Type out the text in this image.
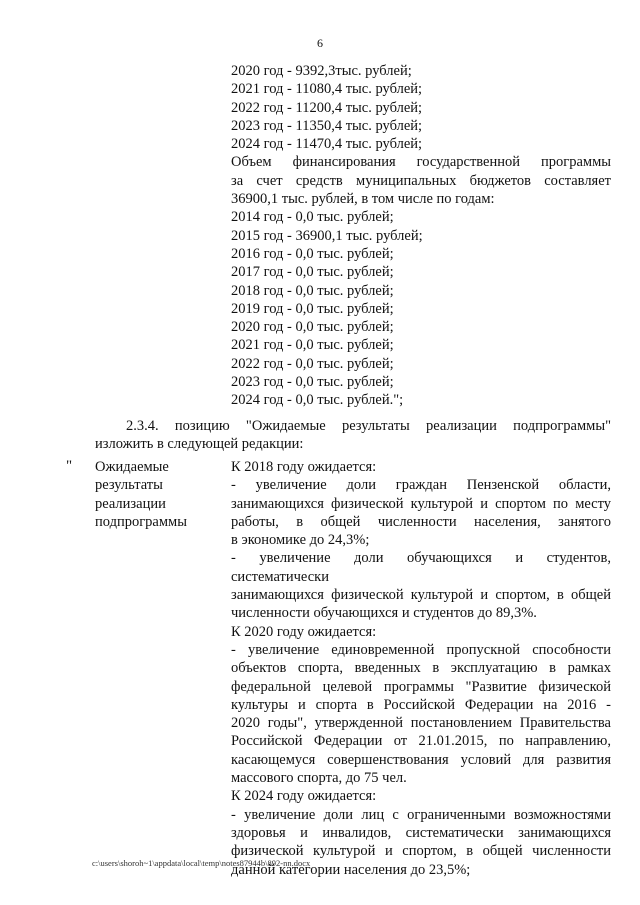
6
2020 год - 9392,3тыс. рублей;
2021 год - 11080,4 тыс. рублей;
2022 год - 11200,4 тыс. рублей;
2023 год - 11350,4 тыс. рублей;
2024 год - 11470,4 тыс. рублей;
Объем финансирования государственной программы
за счет средств муниципальных бюджетов составляет
36900,1 тыс. рублей, в том числе по годам:
2014 год - 0,0 тыс. рублей;
2015 год - 36900,1 тыс. рублей;
2016 год - 0,0 тыс. рублей;
2017 год - 0,0 тыс. рублей;
2018 год - 0,0 тыс. рублей;
2019 год - 0,0 тыс. рублей;
2020 год - 0,0 тыс. рублей;
2021 год - 0,0 тыс. рублей;
2022 год - 0,0 тыс. рублей;
2023 год - 0,0 тыс. рублей;
2024 год - 0,0 тыс. рублей.";
2.3.4. позицию "Ожидаемые результаты реализации подпрограммы"
изложить в следующей редакции:
" Ожидаемые
результаты
реализации
подпрограммы
К 2018 году ожидается:
- увеличение доли граждан Пензенской области,
занимающихся физической культурой и спортом по месту
работы, в общей численности населения, занятого
в экономике до 24,3%;
- увеличение доли обучающихся и студентов, систематически
занимающихся физической культурой и спортом, в общей
численности обучающихся и студентов до 89,3%.
К 2020 году ожидается:
- увеличение единовременной пропускной способности
объектов спорта, введенных в эксплуатацию в рамках
федеральной целевой программы "Развитие физической
культуры и спорта в Российской Федерации на 2016 -
2020 годы", утвержденной постановлением Правительства
Российской Федерации от 21.01.2015, по направлению,
касающемуся совершенствования условий для развития
массового спорта, до 75 чел.
К 2024 году ожидается:
- увеличение доли лиц с ограниченными возможностями
здоровья и инвалидов, систематически занимающихся
физической культурой и спортом, в общей численности
данной категории населения до 23,5%;
c:\users\shoroh~1\appdata\local\temp\notes87944b\892-nn.docx
